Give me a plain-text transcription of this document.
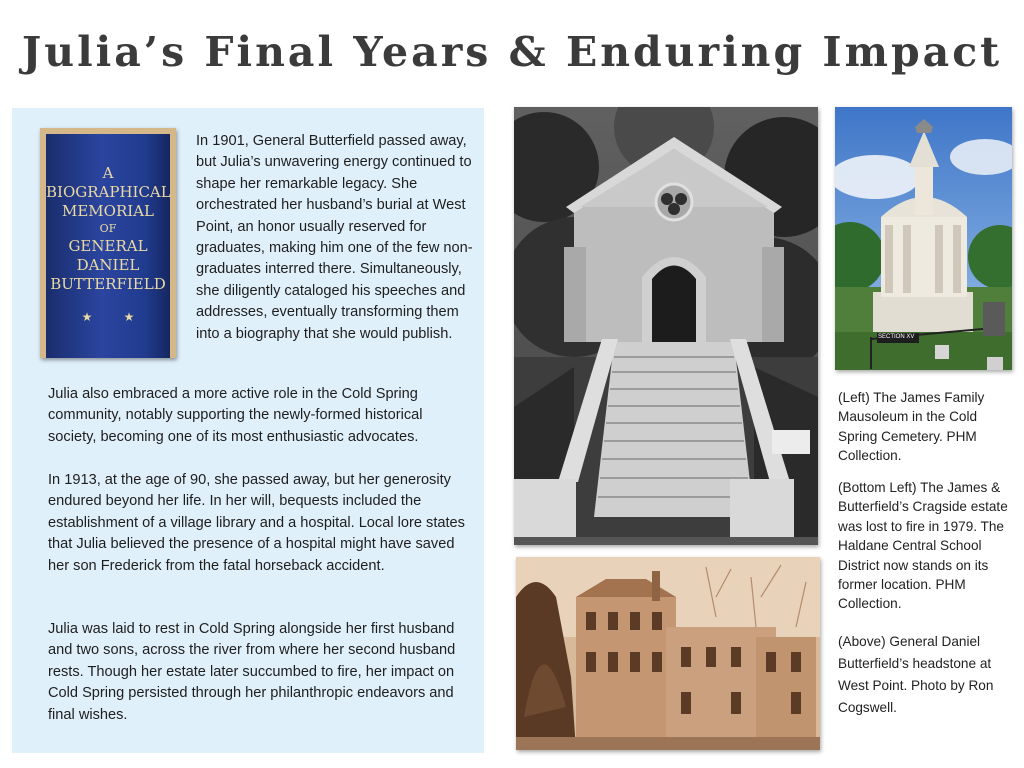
Julia’s Final Years & Enduring Impact
A
BIOGRAPHICAL
MEMORIAL
OF
GENERAL
DANIEL
BUTTERFIELD
★ ★

In 1901, General Butterfield passed away, but Julia’s unwavering energy continued to shape her remarkable legacy. She orchestrated her husband’s burial at West Point, an honor usually reserved for graduates, making him one of the few non-graduates interred there. Simultaneously, she diligently cataloged his speeches and addresses, eventually transforming them into a biography that she would publish.

Julia also embraced a more active role in the Cold Spring community, notably supporting the newly-formed historical society, becoming one of its most enthusiastic advocates.

In 1913, at the age of 90, she passed away, but her generosity endured beyond her life. In her will, bequests included the establishment of a village library and a hospital. Local lore states that Julia believed the presence of a hospital might have saved her son Frederick from the fatal horseback accident.

Julia was laid to rest in Cold Spring alongside her first husband and two sons, across the river from where her second husband rests. Though her estate later succumbed to fire, her impact on Cold Spring persisted through her philanthropic endeavors and final wishes.

SECTION XV

(Left) The James Family Mausoleum in the Cold Spring Cemetery. PHM Collection.

(Bottom Left) The James & Butterfield’s Cragside estate was lost to fire in 1979. The Haldane Central School District now stands on its former location. PHM Collection.

(Above) General Daniel Butterfield’s headstone at West Point. Photo by Ron Cogswell.
